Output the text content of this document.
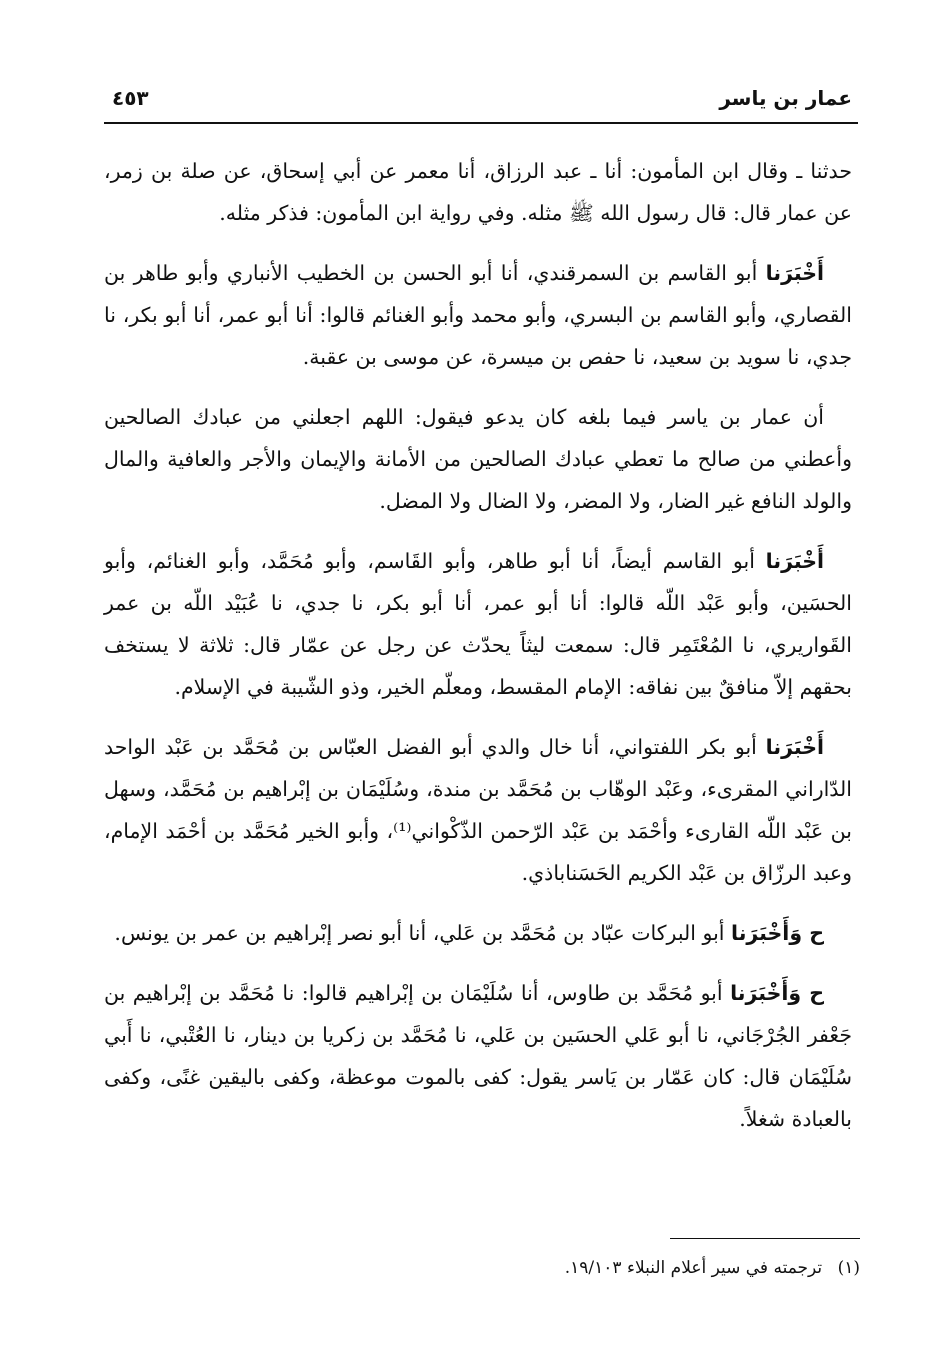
عمار بن ياسر
٤٥٣

حدثنا ـ وقال ابن المأمون: أنا ـ عبد الرزاق، أنا معمر عن أبي إسحاق، عن صلة بن زمر، عن عمار قال: قال رسول الله ﷺ مثله. وفي رواية ابن المأمون: فذكر مثله.

أَخْبَرَنا أبو القاسم بن السمرقندي، أنا أبو الحسن بن الخطيب الأنباري وأبو طاهر بن القصاري، وأبو القاسم بن البسري، وأبو محمد وأبو الغنائم قالوا: أنا أبو عمر، أنا أبو بكر، نا جدي، نا سويد بن سعيد، نا حفص بن ميسرة، عن موسى بن عقبة.

أن عمار بن ياسر فيما بلغه كان يدعو فيقول: اللهم اجعلني من عبادك الصالحين وأعطني من صالح ما تعطي عبادك الصالحين من الأمانة والإيمان والأجر والعافية والمال والولد النافع غير الضار، ولا المضر، ولا الضال ولا المضل.

أَخْبَرَنا أبو القاسم أيضاً، أنا أبو طاهر، وأبو القَاسم، وأبو مُحَمَّد، وأبو الغنائم، وأبو الحسَين، وأبو عَبْد اللّه قالوا: أنا أبو عمر، أنا أبو بكر، نا جدي، نا عُبَيْد اللّه بن عمر القَواريري، نا المُعْتَمِر قال: سمعت ليثاً يحدّث عن رجل عن عمّار قال: ثلاثة لا يستخف بحقهم إلاّ منافقٌ بين نفاقه: الإمام المقسط، ومعلّم الخير، وذو الشّيبة في الإسلام.

أَخْبَرَنا أبو بكر اللفتواني، أنا خال والدي أبو الفضل العبّاس بن مُحَمَّد بن عَبْد الواحد الدّاراني المقرىء، وعَبْد الوهّاب بن مُحَمَّد بن مندة، وسُلَيْمَان بن إبْراهيم بن مُحَمَّد، وسهل بن عَبْد اللّه القارىء وأحْمَد بن عَبْد الرّحمن الذّكْواني⁽¹⁾، وأبو الخير مُحَمَّد بن أحْمَد الإمام، وعبد الرزّاق بن عَبْد الكريم الحَسَناباذي.

ح وَأَخْبَرَنا أبو البركات عبّاد بن مُحَمَّد بن عَلي، أنا أبو نصر إبْراهيم بن عمر بن يونس.

ح وَأَخْبَرَنا أبو مُحَمَّد بن طاوس، أنا سُلَيْمَان بن إبْراهيم قالوا: نا مُحَمَّد بن إبْراهيم بن جَعْفر الجُرْجَاني، نا أبو عَلي الحسَين بن عَلي، نا مُحَمَّد بن زكريا بن دينار، نا العُتْبي، نا أَبي سُلَيْمَان قال: كان عَمّار بن يَاسر يقول: كفى بالموت موعظة، وكفى باليقين غنًى، وكفى بالعبادة شغلاً.

(١) ترجمته في سير أعلام النبلاء ١٩/١٠٣.
